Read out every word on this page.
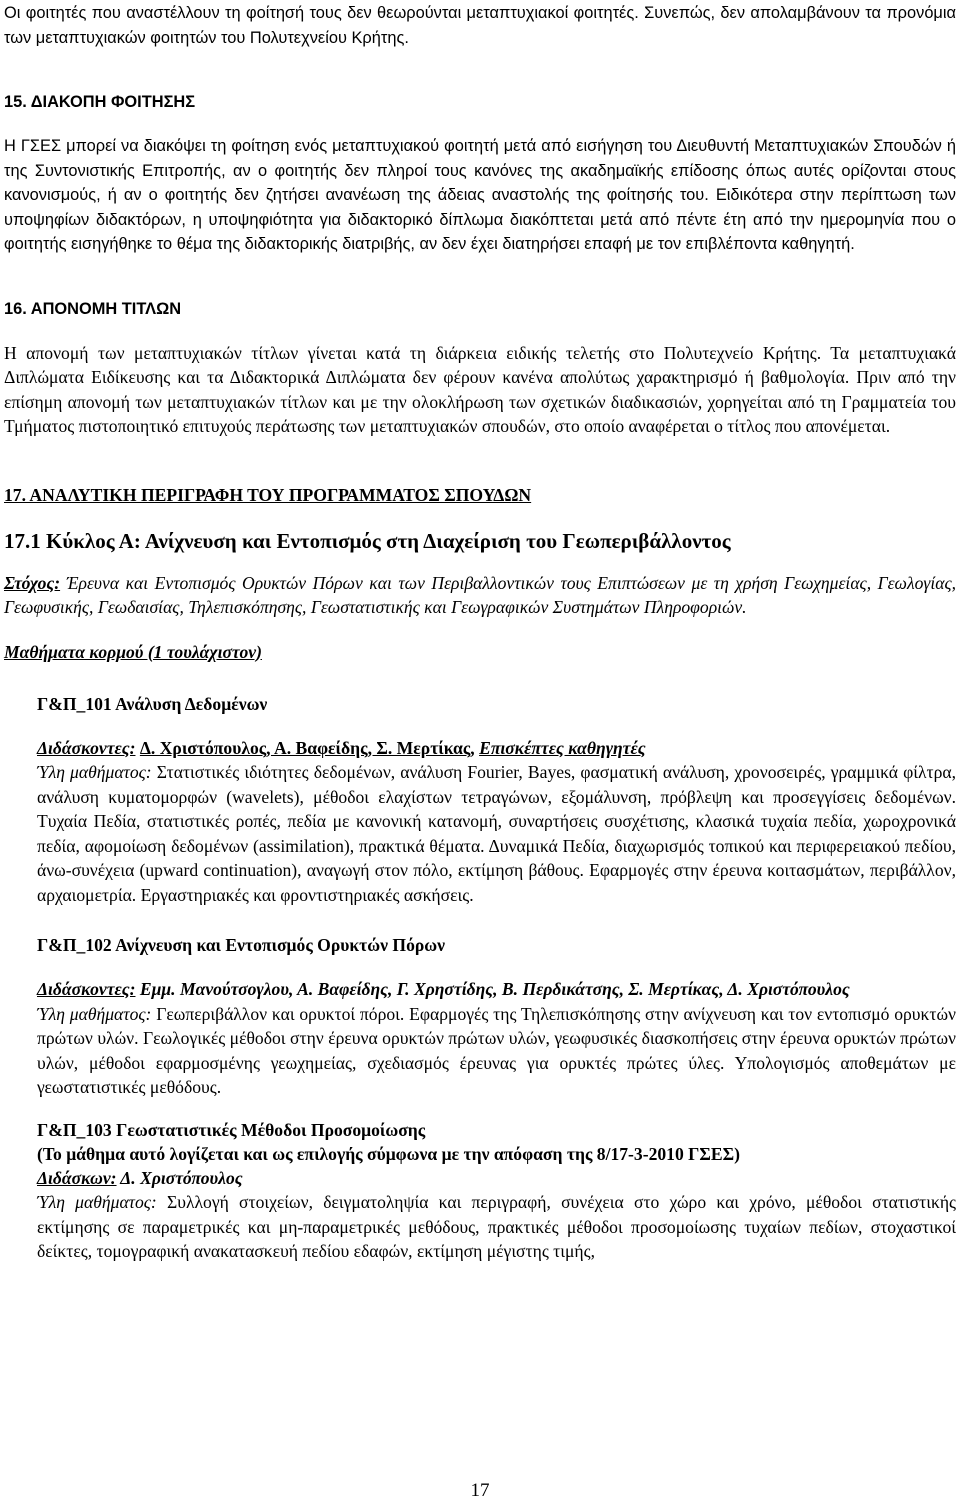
Οι φοιτητές που αναστέλλουν τη φοίτησή τους δεν θεωρούνται μεταπτυχιακοί φοιτητές. Συνεπώς, δεν απολαμβάνουν τα προνόμια των μεταπτυχιακών φοιτητών του Πολυτεχνείου Κρήτης.

15. ΔΙΑΚΟΠΗ ΦΟΙΤΗΣΗΣ

Η ΓΣΕΣ μπορεί να διακόψει τη φοίτηση ενός μεταπτυχιακού φοιτητή μετά από εισήγηση του Διευθυντή Μεταπτυχιακών Σπουδών ή της Συντονιστικής Επιτροπής, αν ο φοιτητής δεν πληροί τους κανόνες της ακαδημαϊκής επίδοσης όπως αυτές ορίζονται στους κανονισμούς, ή αν ο φοιτητής δεν ζητήσει ανανέωση της άδειας αναστολής της φοίτησής του. Ειδικότερα στην περίπτωση των υποψηφίων διδακτόρων, η υποψηφιότητα για διδακτορικό δίπλωμα διακόπτεται μετά από πέντε έτη από την ημερομηνία που ο φοιτητής εισηγήθηκε το θέμα της διδακτορικής διατριβής, αν δεν έχει διατηρήσει επαφή με τον επιβλέποντα καθηγητή.

16. ΑΠΟΝΟΜΗ ΤΙΤΛΩΝ

Η απονομή των μεταπτυχιακών τίτλων γίνεται κατά τη διάρκεια ειδικής τελετής στο Πολυτεχνείο Κρήτης. Τα μεταπτυχιακά Διπλώματα Ειδίκευσης και τα Διδακτορικά Διπλώματα δεν φέρουν κανένα απολύτως χαρακτηρισμό ή βαθμολογία. Πριν από την επίσημη απονομή των μεταπτυχιακών τίτλων και με την ολοκλήρωση των σχετικών διαδικασιών, χορηγείται από τη Γραμματεία του Τμήματος πιστοποιητικό επιτυχούς περάτωσης των μεταπτυχιακών σπουδών, στο οποίο αναφέρεται ο τίτλος που απονέμεται.

17. ΑΝΑΛΥΤΙΚΗ ΠΕΡΙΓΡΑΦΗ ΤΟΥ ΠΡΟΓΡΑΜΜΑΤΟΣ ΣΠΟΥΔΩΝ

17.1 Κύκλος Α: Ανίχνευση και Εντοπισμός στη Διαχείριση του Γεωπεριβάλλοντος

Στόχος: Έρευνα και Εντοπισμός Ορυκτών Πόρων και των Περιβαλλοντικών τους Επιπτώσεων με τη χρήση Γεωχημείας, Γεωλογίας, Γεωφυσικής, Γεωδαισίας, Τηλεπισκόπησης, Γεωστατιστικής και Γεωγραφικών Συστημάτων Πληροφοριών.

Μαθήματα κορμού (1 τουλάχιστον)

Γ&Π_101 Ανάλυση Δεδομένων

Διδάσκοντες: Δ. Χριστόπουλος, Α. Βαφείδης, Σ. Μερτίκας, Επισκέπτες καθηγητές

Ύλη μαθήματος: Στατιστικές ιδιότητες δεδομένων, ανάλυση Fourier, Bayes, φασματική ανάλυση, χρονοσειρές, γραμμικά φίλτρα, ανάλυση κυματομορφών (wavelets), μέθοδοι ελαχίστων τετραγώνων, εξομάλυνση, πρόβλεψη και προσεγγίσεις δεδομένων. Τυχαία Πεδία, στατιστικές ροπές, πεδία με κανονική κατανομή, συναρτήσεις συσχέτισης, κλασικά τυχαία πεδία, χωροχρονικά πεδία, αφομοίωση δεδομένων (assimilation), πρακτικά θέματα. Δυναμικά Πεδία, διαχωρισμός τοπικού και περιφερειακού πεδίου, άνω-συνέχεια (upward continuation), αναγωγή στον πόλο, εκτίμηση βάθους. Εφαρμογές στην έρευνα κοιτασμάτων, περιβάλλον, αρχαιομετρία. Εργαστηριακές και φροντιστηριακές ασκήσεις.

Γ&Π_102 Ανίχνευση και Εντοπισμός Ορυκτών Πόρων

Διδάσκοντες: Εμμ. Μανούτσογλου, Α. Βαφείδης, Γ. Χρηστίδης, Β. Περδικάτσης, Σ. Μερτίκας, Δ. Χριστόπουλος

Ύλη μαθήματος: Γεωπεριβάλλον και ορυκτοί πόροι. Εφαρμογές της Τηλεπισκόπησης στην ανίχνευση και τον εντοπισμό ορυκτών πρώτων υλών. Γεωλογικές μέθοδοι στην έρευνα ορυκτών πρώτων υλών, γεωφυσικές διασκοπήσεις στην έρευνα ορυκτών πρώτων υλών, μέθοδοι εφαρμοσμένης γεωχημείας, σχεδιασμός έρευνας για ορυκτές πρώτες ύλες. Υπολογισμός αποθεμάτων με γεωστατιστικές μεθόδους.

Γ&Π_103 Γεωστατιστικές Μέθοδοι Προσομοίωσης

(Το μάθημα αυτό λογίζεται και ως επιλογής σύμφωνα με την απόφαση της 8/17-3-2010 ΓΣΕΣ)

Διδάσκων: Δ. Χριστόπουλος

Ύλη μαθήματος: Συλλογή στοιχείων, δειγματοληψία και περιγραφή, συνέχεια στο χώρο και χρόνο, μέθοδοι στατιστικής εκτίμησης σε παραμετρικές και μη-παραμετρικές μεθόδους, πρακτικές μέθοδοι προσομοίωσης τυχαίων πεδίων, στοχαστικοί δείκτες, τομογραφική ανακατασκευή πεδίου εδαφών, εκτίμηση μέγιστης τιμής,

17
